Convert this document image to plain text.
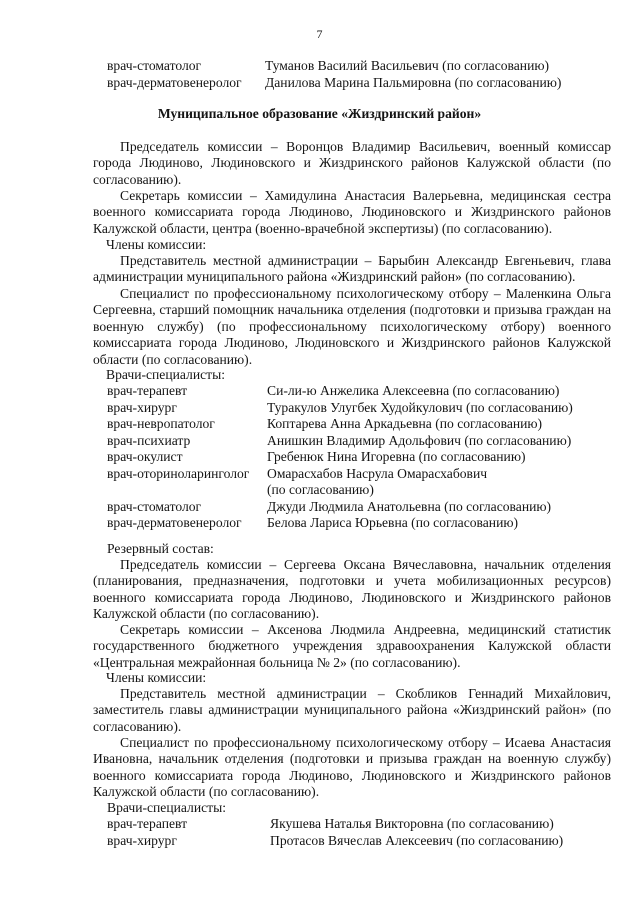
7
врач-стоматолог	Туманов Василий Васильевич (по согласованию)
врач-дерматовенеролог Данилова Марина Пальмировна (по согласованию)
Муниципальное образование «Жиздринский район»
Председатель комиссии – Воронцов Владимир Васильевич, военный комиссар города Людиново, Людиновского и Жиздринского районов Калужской области (по согласованию).
Секретарь комиссии – Хамидулина Анастасия Валерьевна, медицинская сестра военного комиссариата города Людиново, Людиновского и Жиздринского районов Калужской области, центра (военно-врачебной экспертизы) (по согласованию).
Члены комиссии:
Представитель местной администрации – Барыбин Александр Евгеньевич, глава администрации муниципального района «Жиздринский район» (по согласованию).
Специалист по профессиональному психологическому отбору – Маленкина Ольга Сергеевна, старший помощник начальника отделения (подготовки и призыва граждан на военную службу) (по профессиональному психологическому отбору) военного комиссариата города Людиново, Людиновского и Жиздринского районов Калужской области (по согласованию).
Врачи-специалисты:
врач-терапевт	Си-ли-ю Анжелика Алексеевна (по согласованию)
врач-хирург	Туракулов Улугбек Худойкулович (по согласованию)
врач-невропатолог	Коптарева Анна Аркадьевна (по согласованию)
врач-психиатр	Анишкин Владимир Адольфович (по согласованию)
врач-окулист	Гребенюк Нина Игоревна (по согласованию)
врач-оториноларинголог Омарасхабов Насрула Омарасхабович
(по согласованию)
врач-стоматолог	Джуди Людмила Анатольевна (по согласованию)
врач-дерматовенеролог Белова Лариса Юрьевна (по согласованию)
Резервный состав:
Председатель комиссии – Сергеева Оксана Вячеславовна, начальник отделения (планирования, предназначения, подготовки и учета мобилизационных ресурсов) военного комиссариата города Людиново, Людиновского и Жиздринского районов Калужской области (по согласованию).
Секретарь комиссии – Аксенова Людмила Андреевна, медицинский статистик государственного бюджетного учреждения здравоохранения Калужской области «Центральная межрайонная больница № 2» (по согласованию).
Члены комиссии:
Представитель местной администрации – Скобликов Геннадий Михайлович, заместитель главы администрации муниципального района «Жиздринский район» (по согласованию).
Специалист по профессиональному психологическому отбору – Исаева Анастасия Ивановна, начальник отделения (подготовки и призыва граждан на военную службу) военного комиссариата города Людиново, Людиновского и Жиздринского районов Калужской области (по согласованию).
Врачи-специалисты:
врач-терапевт	Якушева Наталья Викторовна (по согласованию)
врач-хирург	Протасов Вячеслав Алексеевич (по согласованию)
